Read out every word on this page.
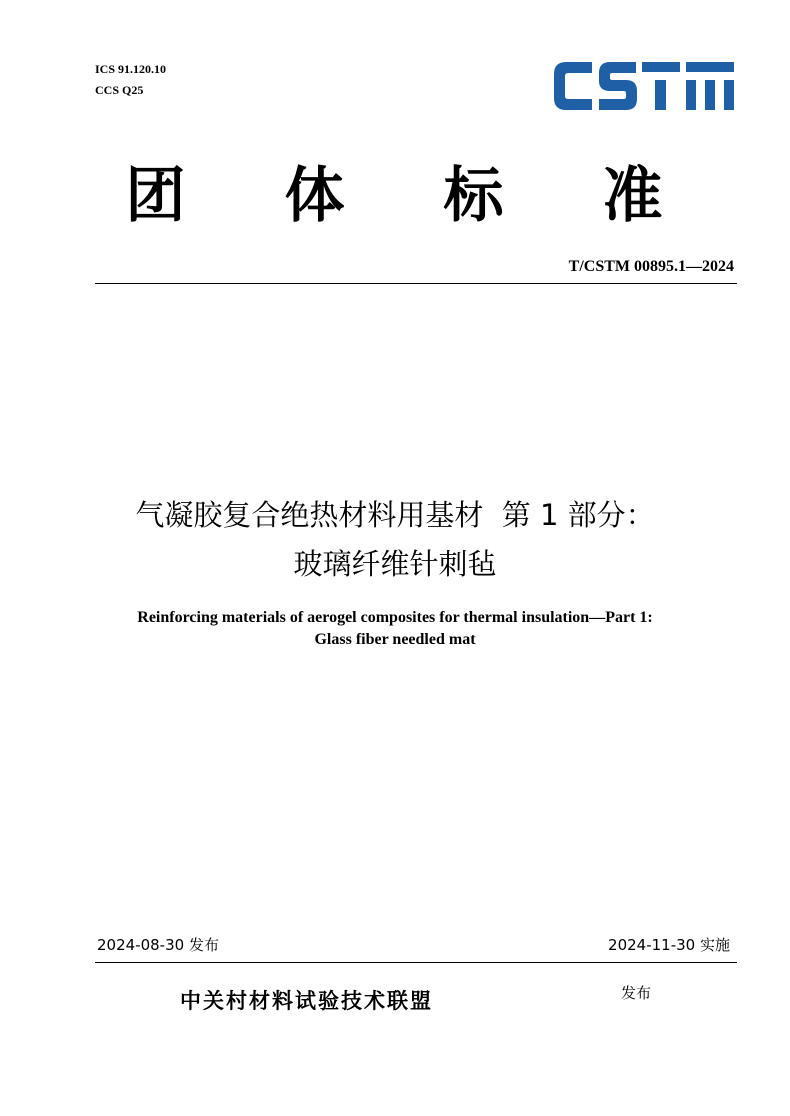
ICS 91.120.10
CCS Q25
团 体 标 准
T/CSTM 00895.1—2024
气凝胶复合绝热材料用基材  第 1 部分：
玻璃纤维针刺毡
Reinforcing materials of aerogel composites for thermal insulation—Part 1:
Glass fiber needled mat
2024-08-30 发布	2024-11-30 实施
中关村材料试验技术联盟	发布
